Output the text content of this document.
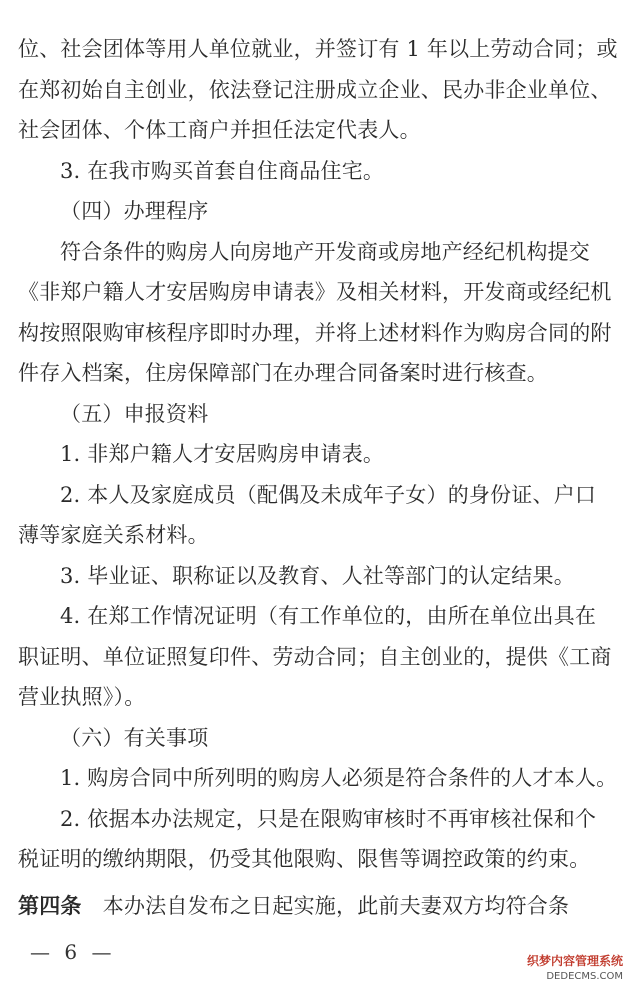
位、社会团体等用人单位就业，并签订有 1 年以上劳动合同；或
在郑初始自主创业，依法登记注册成立企业、民办非企业单位、
社会团体、个体工商户并担任法定代表人。
3. 在我市购买首套自住商品住宅。
（四）办理程序
符合条件的购房人向房地产开发商或房地产经纪机构提交
《非郑户籍人才安居购房申请表》及相关材料，开发商或经纪机
构按照限购审核程序即时办理，并将上述材料作为购房合同的附
件存入档案，住房保障部门在办理合同备案时进行核查。
（五）申报资料
1. 非郑户籍人才安居购房申请表。
2. 本人及家庭成员（配偶及未成年子女）的身份证、户口
薄等家庭关系材料。
3. 毕业证、职称证以及教育、人社等部门的认定结果。
4. 在郑工作情况证明（有工作单位的，由所在单位出具在
职证明、单位证照复印件、劳动合同；自主创业的，提供《工商
营业执照》）。
（六）有关事项
1. 购房合同中所列明的购房人必须是符合条件的人才本人。
2. 依据本办法规定，只是在限购审核时不再审核社保和个
税证明的缴纳期限，仍受其他限购、限售等调控政策的约束。
第四条　本办法自发布之日起实施，此前夫妻双方均符合条
— 6 —	织梦内容管理系统
DEDECMS.COM
